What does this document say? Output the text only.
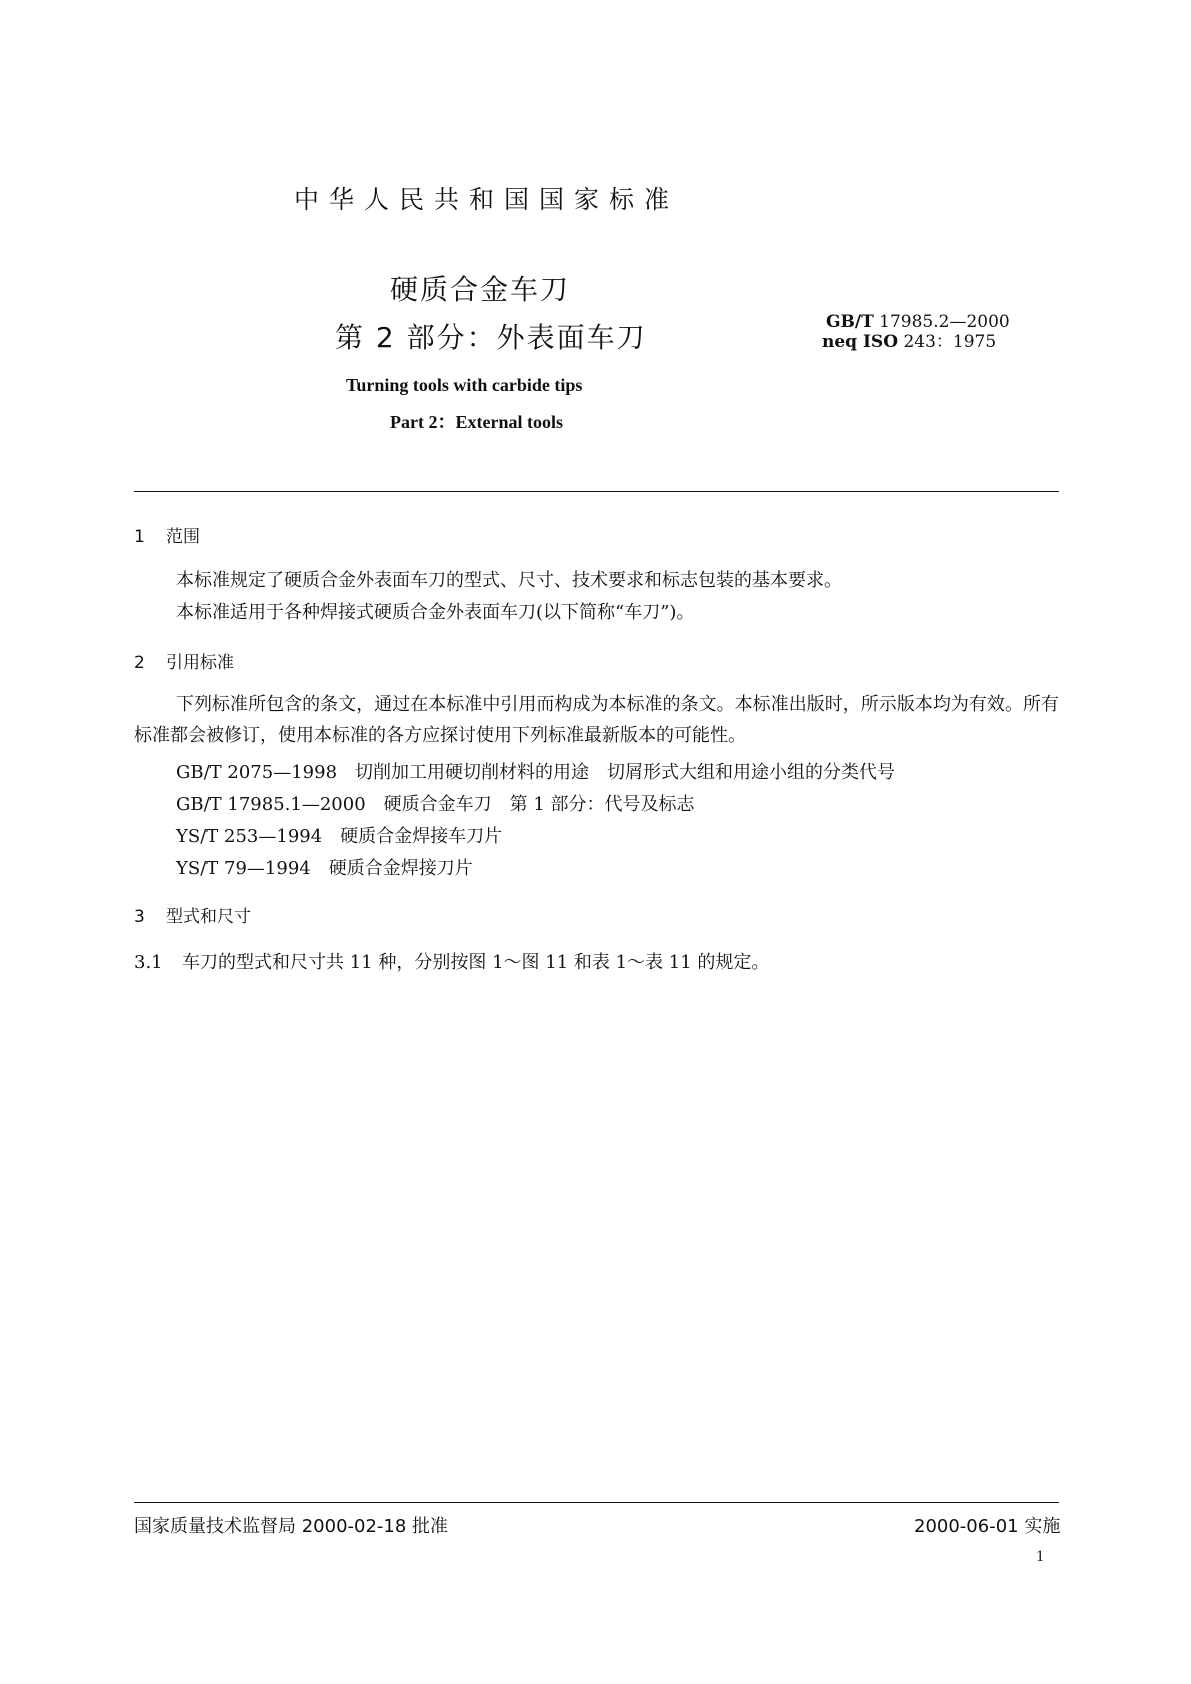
中华人民共和国国家标准
硬质合金车刀
第 2 部分：外表面车刀	GB/T 17985.2—2000
neq ISO 243：1975
Turning tools with carbide tips
Part 2：External tools
1 范围
本标准规定了硬质合金外表面车刀的型式、尺寸、技术要求和标志包装的基本要求。
本标准适用于各种焊接式硬质合金外表面车刀(以下简称“车刀”)。
2 引用标准
下列标准所包含的条文，通过在本标准中引用而构成为本标准的条文。本标准出版时，所示版本均为有效。所有标准都会被修订，使用本标准的各方应探讨使用下列标准最新版本的可能性。
GB/T 2075—1998 切削加工用硬切削材料的用途　切屑形式大组和用途小组的分类代号
GB/T 17985.1—2000 硬质合金车刀　第 1 部分：代号及标志
YS/T 253—1994 硬质合金焊接车刀片
YS/T 79—1994 硬质合金焊接刀片
3 型式和尺寸
3.1 车刀的型式和尺寸共 11 种，分别按图 1～图 11 和表 1～表 11 的规定。
国家质量技术监督局 2000-02-18 批准	2000-06-01 实施
1
